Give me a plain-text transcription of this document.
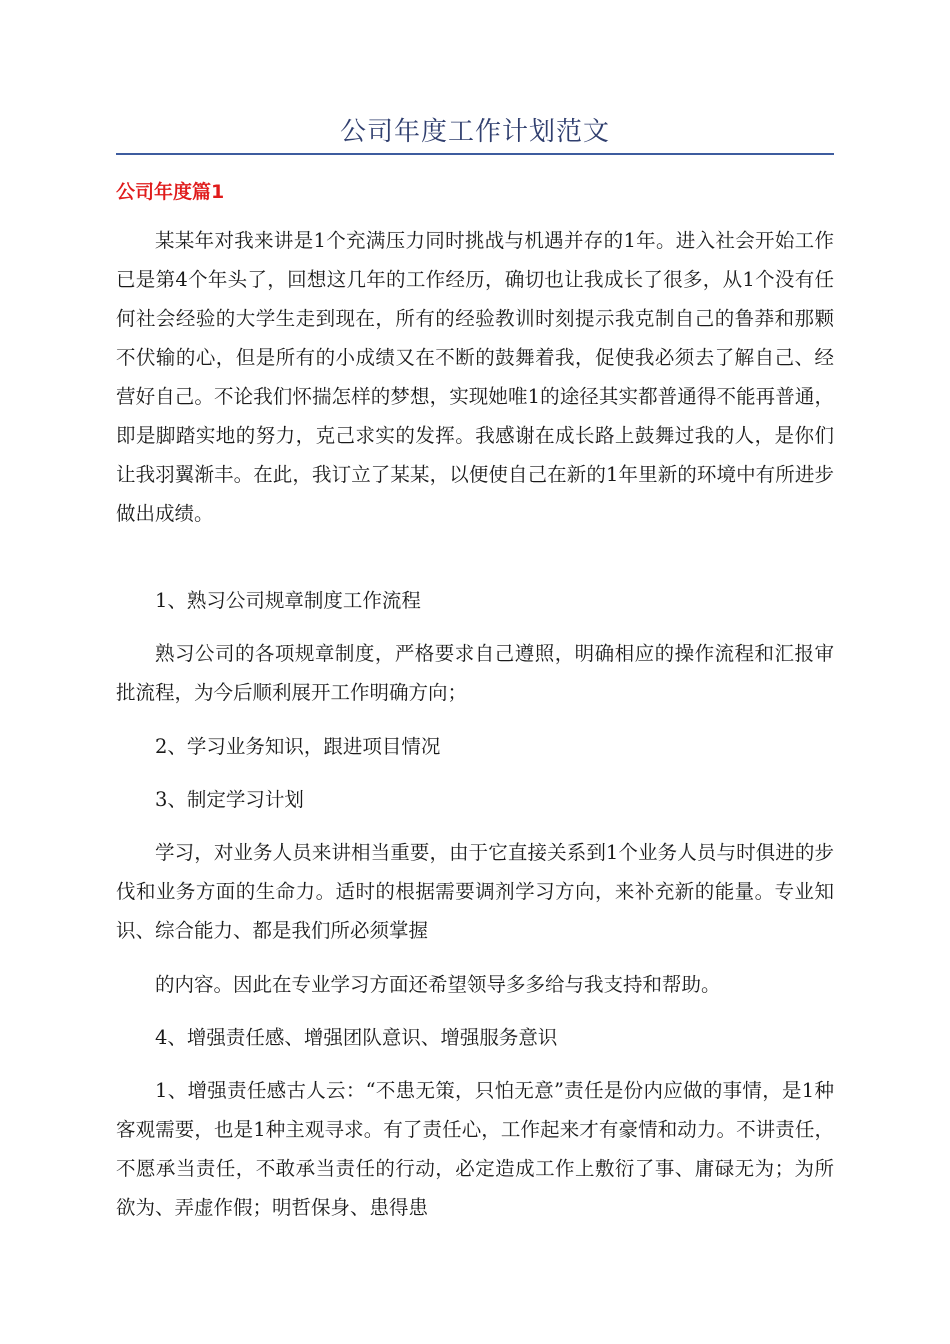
公司年度工作计划范文
公司年度篇1

某某年对我来讲是1个充满压力同时挑战与机遇并存的1年。进入社会开始工作已是第4个年头了，回想这几年的工作经历，确切也让我成长了很多，从1个没有任何社会经验的大学生走到现在，所有的经验教训时刻提示我克制自己的鲁莽和那颗不伏输的心，但是所有的小成绩又在不断的鼓舞着我，促使我必须去了解自己、经营好自己。不论我们怀揣怎样的梦想，实现她唯1的途径其实都普通得不能再普通，即是脚踏实地的努力，克己求实的发挥。我感谢在成长路上鼓舞过我的人，是你们让我羽翼渐丰。在此，我订立了某某，以便使自己在新的1年里新的环境中有所进步做出成绩。

1、熟习公司规章制度工作流程

熟习公司的各项规章制度，严格要求自己遵照，明确相应的操作流程和汇报审批流程，为今后顺利展开工作明确方向；

2、学习业务知识，跟进项目情况

3、制定学习计划

学习，对业务人员来讲相当重要，由于它直接关系到1个业务人员与时俱进的步伐和业务方面的生命力。适时的根据需要调剂学习方向，来补充新的能量。专业知识、综合能力、都是我们所必须掌握

的内容。因此在专业学习方面还希望领导多多给与我支持和帮助。

4、增强责任感、增强团队意识、增强服务意识

1、增强责任感古人云：“不患无策，只怕无意”责任是份内应做的事情，是1种客观需要，也是1种主观寻求。有了责任心，工作起来才有豪情和动力。不讲责任，不愿承当责任，不敢承当责任的行动，必定造成工作上敷衍了事、庸碌无为；为所欲为、弄虚作假；明哲保身、患得患
